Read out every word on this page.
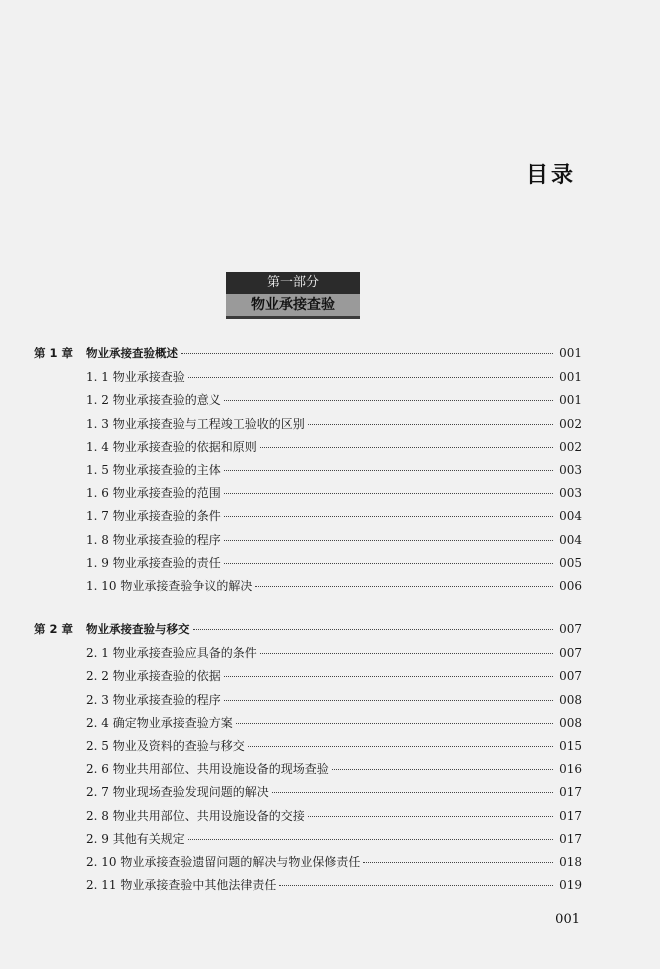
目录
第一部分
物业承接查验
第 1 章	物业承接查验概述	001
1. 1 物业承接查验	001
1. 2 物业承接查验的意义	001
1. 3 物业承接查验与工程竣工验收的区别	002
1. 4 物业承接查验的依据和原则	002
1. 5 物业承接查验的主体	003
1. 6 物业承接查验的范围	003
1. 7 物业承接查验的条件	004
1. 8 物业承接查验的程序	004
1. 9 物业承接查验的责任	005
1. 10 物业承接查验争议的解决	006
第 2 章	物业承接查验与移交	007
2. 1 物业承接查验应具备的条件	007
2. 2 物业承接查验的依据	007
2. 3 物业承接查验的程序	008
2. 4 确定物业承接查验方案	008
2. 5 物业及资料的查验与移交	015
2. 6 物业共用部位、共用设施设备的现场查验	016
2. 7 物业现场查验发现问题的解决	017
2. 8 物业共用部位、共用设施设备的交接	017
2. 9 其他有关规定	017
2. 10 物业承接查验遗留问题的解决与物业保修责任	018
2. 11 物业承接查验中其他法律责任	019
001
